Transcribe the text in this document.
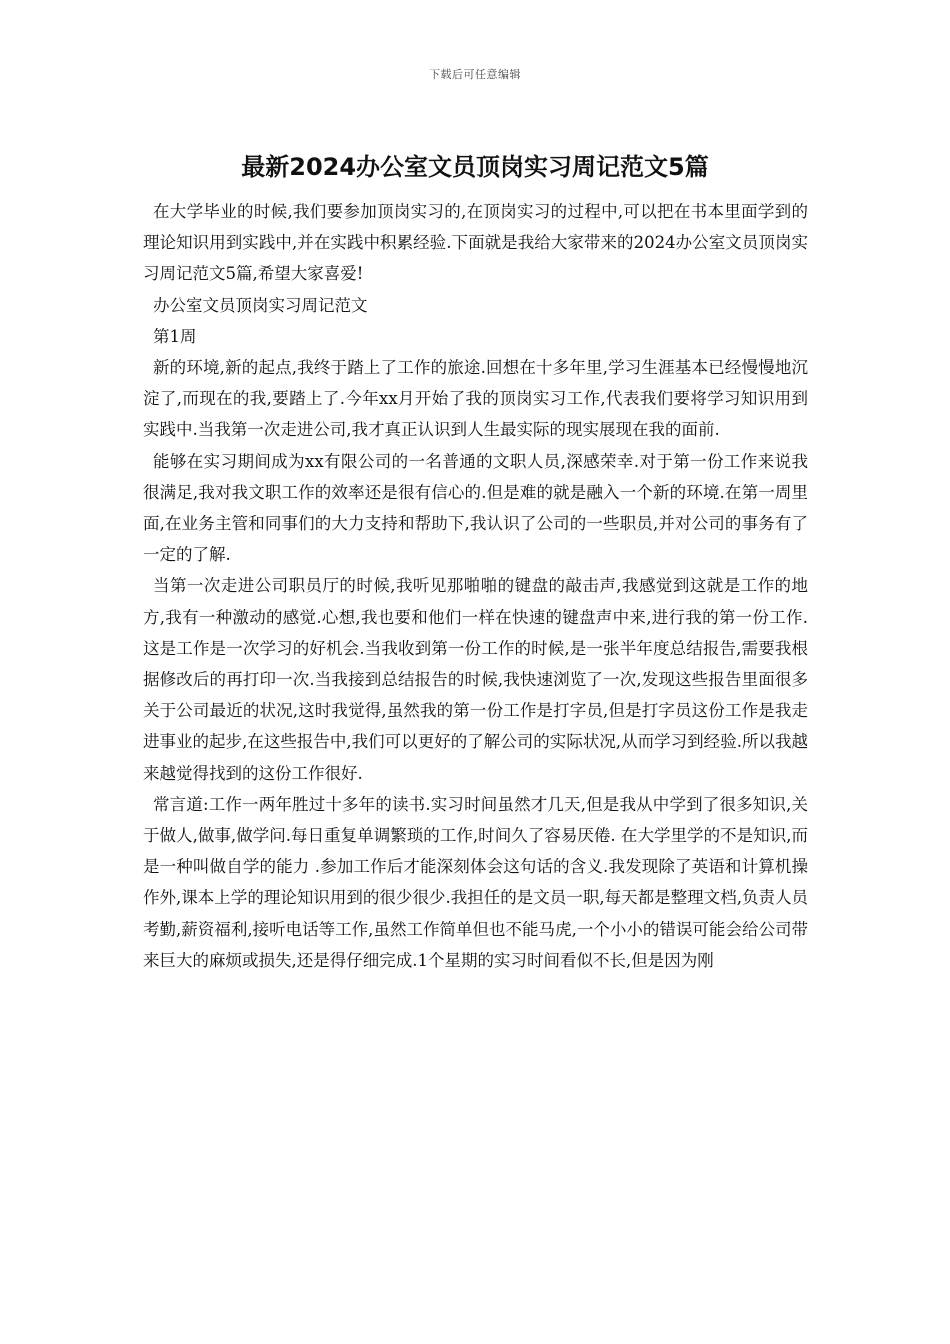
下载后可任意编辑
最新2024办公室文员顶岗实习周记范文5篇

在大学毕业的时候,我们要参加顶岗实习的,在顶岗实习的过程中,可以把在书本里面学到的理论知识用到实践中,并在实践中积累经验.下面就是我给大家带来的2024办公室文员顶岗实习周记范文5篇,希望大家喜爱!

办公室文员顶岗实习周记范文

第1周

新的环境,新的起点,我终于踏上了工作的旅途.回想在十多年里,学习生涯基本已经慢慢地沉淀了,而现在的我,要踏上了.今年xx月开始了我的顶岗实习工作,代表我们要将学习知识用到实践中.当我第一次走进公司,我才真正认识到人生最实际的现实展现在我的面前.

能够在实习期间成为xx有限公司的一名普通的文职人员,深感荣幸.对于第一份工作来说我很满足,我对我文职工作的效率还是很有信心的.但是难的就是融入一个新的环境.在第一周里面,在业务主管和同事们的大力支持和帮助下,我认识了公司的一些职员,并对公司的事务有了一定的了解.

当第一次走进公司职员厅的时候,我听见那啪啪的键盘的敲击声,我感觉到这就是工作的地方,我有一种激动的感觉.心想,我也要和他们一样在快速的键盘声中来,进行我的第一份工作.这是工作是一次学习的好机会.当我收到第一份工作的时候,是一张半年度总结报告,需要我根据修改后的再打印一次.当我接到总结报告的时候,我快速浏览了一次,发现这些报告里面很多关于公司最近的状况,这时我觉得,虽然我的第一份工作是打字员,但是打字员这份工作是我走进事业的起步,在这些报告中,我们可以更好的了解公司的实际状况,从而学习到经验.所以我越来越觉得找到的这份工作很好.

常言道:工作一两年胜过十多年的读书.实习时间虽然才几天,但是我从中学到了很多知识,关于做人,做事,做学问.每日重复单调繁琐的工作,时间久了容易厌倦. 在大学里学的不是知识,而是一种叫做自学的能力 .参加工作后才能深刻体会这句话的含义.我发现除了英语和计算机操作外,课本上学的理论知识用到的很少很少.我担任的是文员一职,每天都是整理文档,负责人员考勤,薪资福利,接听电话等工作,虽然工作简单但也不能马虎,一个小小的错误可能会给公司带来巨大的麻烦或损失,还是得仔细完成.1个星期的实习时间看似不长,但是因为刚
